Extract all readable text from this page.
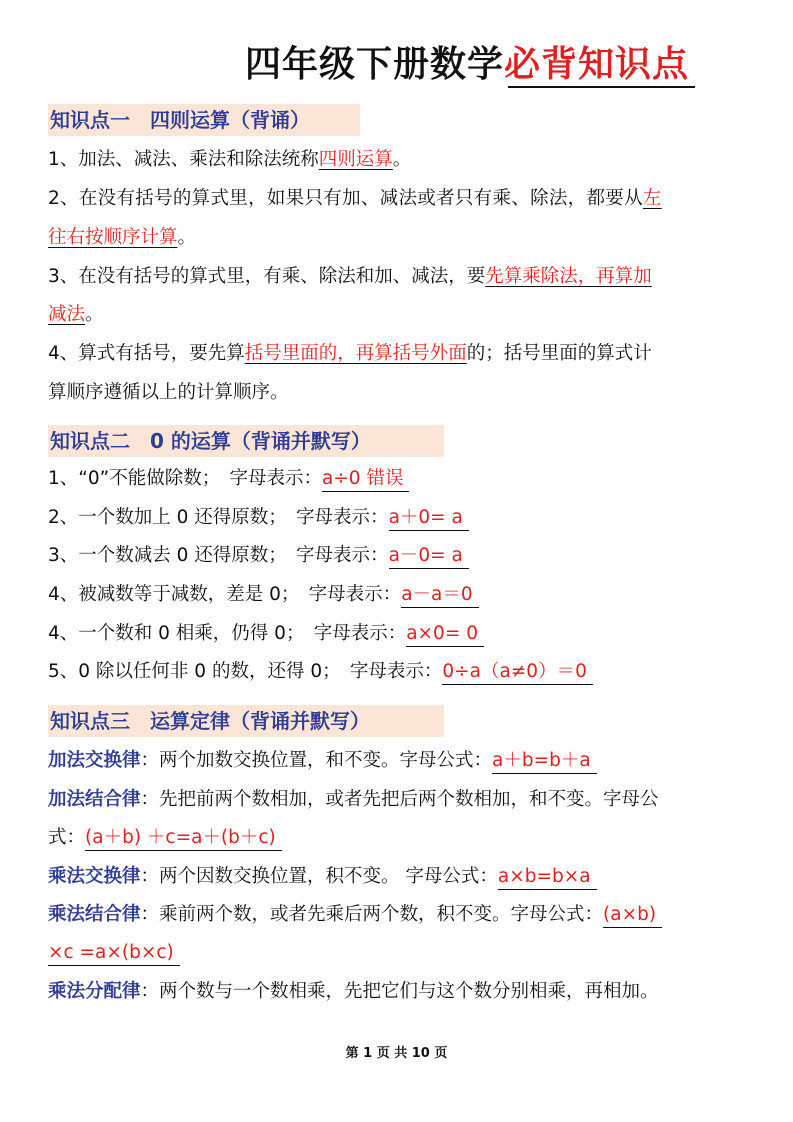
四年级下册数学必背知识点
知识点一　四则运算（背诵）
1、加法、减法、乘法和除法统称四则运算。
2、在没有括号的算式里，如果只有加、减法或者只有乘、除法，都要从左
往右按顺序计算。
3、在没有括号的算式里，有乘、除法和加、减法，要先算乘除法，再算加
减法。
4、算式有括号，要先算括号里面的，再算括号外面的；括号里面的算式计
算顺序遵循以上的计算顺序。
知识点二　0 的运算（背诵并默写）
1、“0”不能做除数；　字母表示：a÷0 错误
2、一个数加上 0 还得原数；　字母表示：a＋0= a
3、一个数减去 0 还得原数；　字母表示：a－0= a
4、被减数等于减数，差是 0；　字母表示：a－a＝0
4、一个数和 0 相乘，仍得 0；　字母表示：a×0= 0
5、0 除以任何非 0 的数，还得 0；　字母表示：0÷a（a≠0）＝0
知识点三　运算定律（背诵并默写）
加法交换律：两个加数交换位置，和不变。字母公式：a＋b=b＋a
加法结合律：先把前两个数相加，或者先把后两个数相加，和不变。字母公
式：(a＋b) ＋c=a＋(b＋c)
乘法交换律：两个因数交换位置，积不变。 字母公式：a×b=b×a
乘法结合律：乘前两个数，或者先乘后两个数，积不变。字母公式：(a×b)
×c =a×(b×c)
乘法分配律：两个数与一个数相乘，先把它们与这个数分别相乘，再相加。
第 1 页 共 10 页
